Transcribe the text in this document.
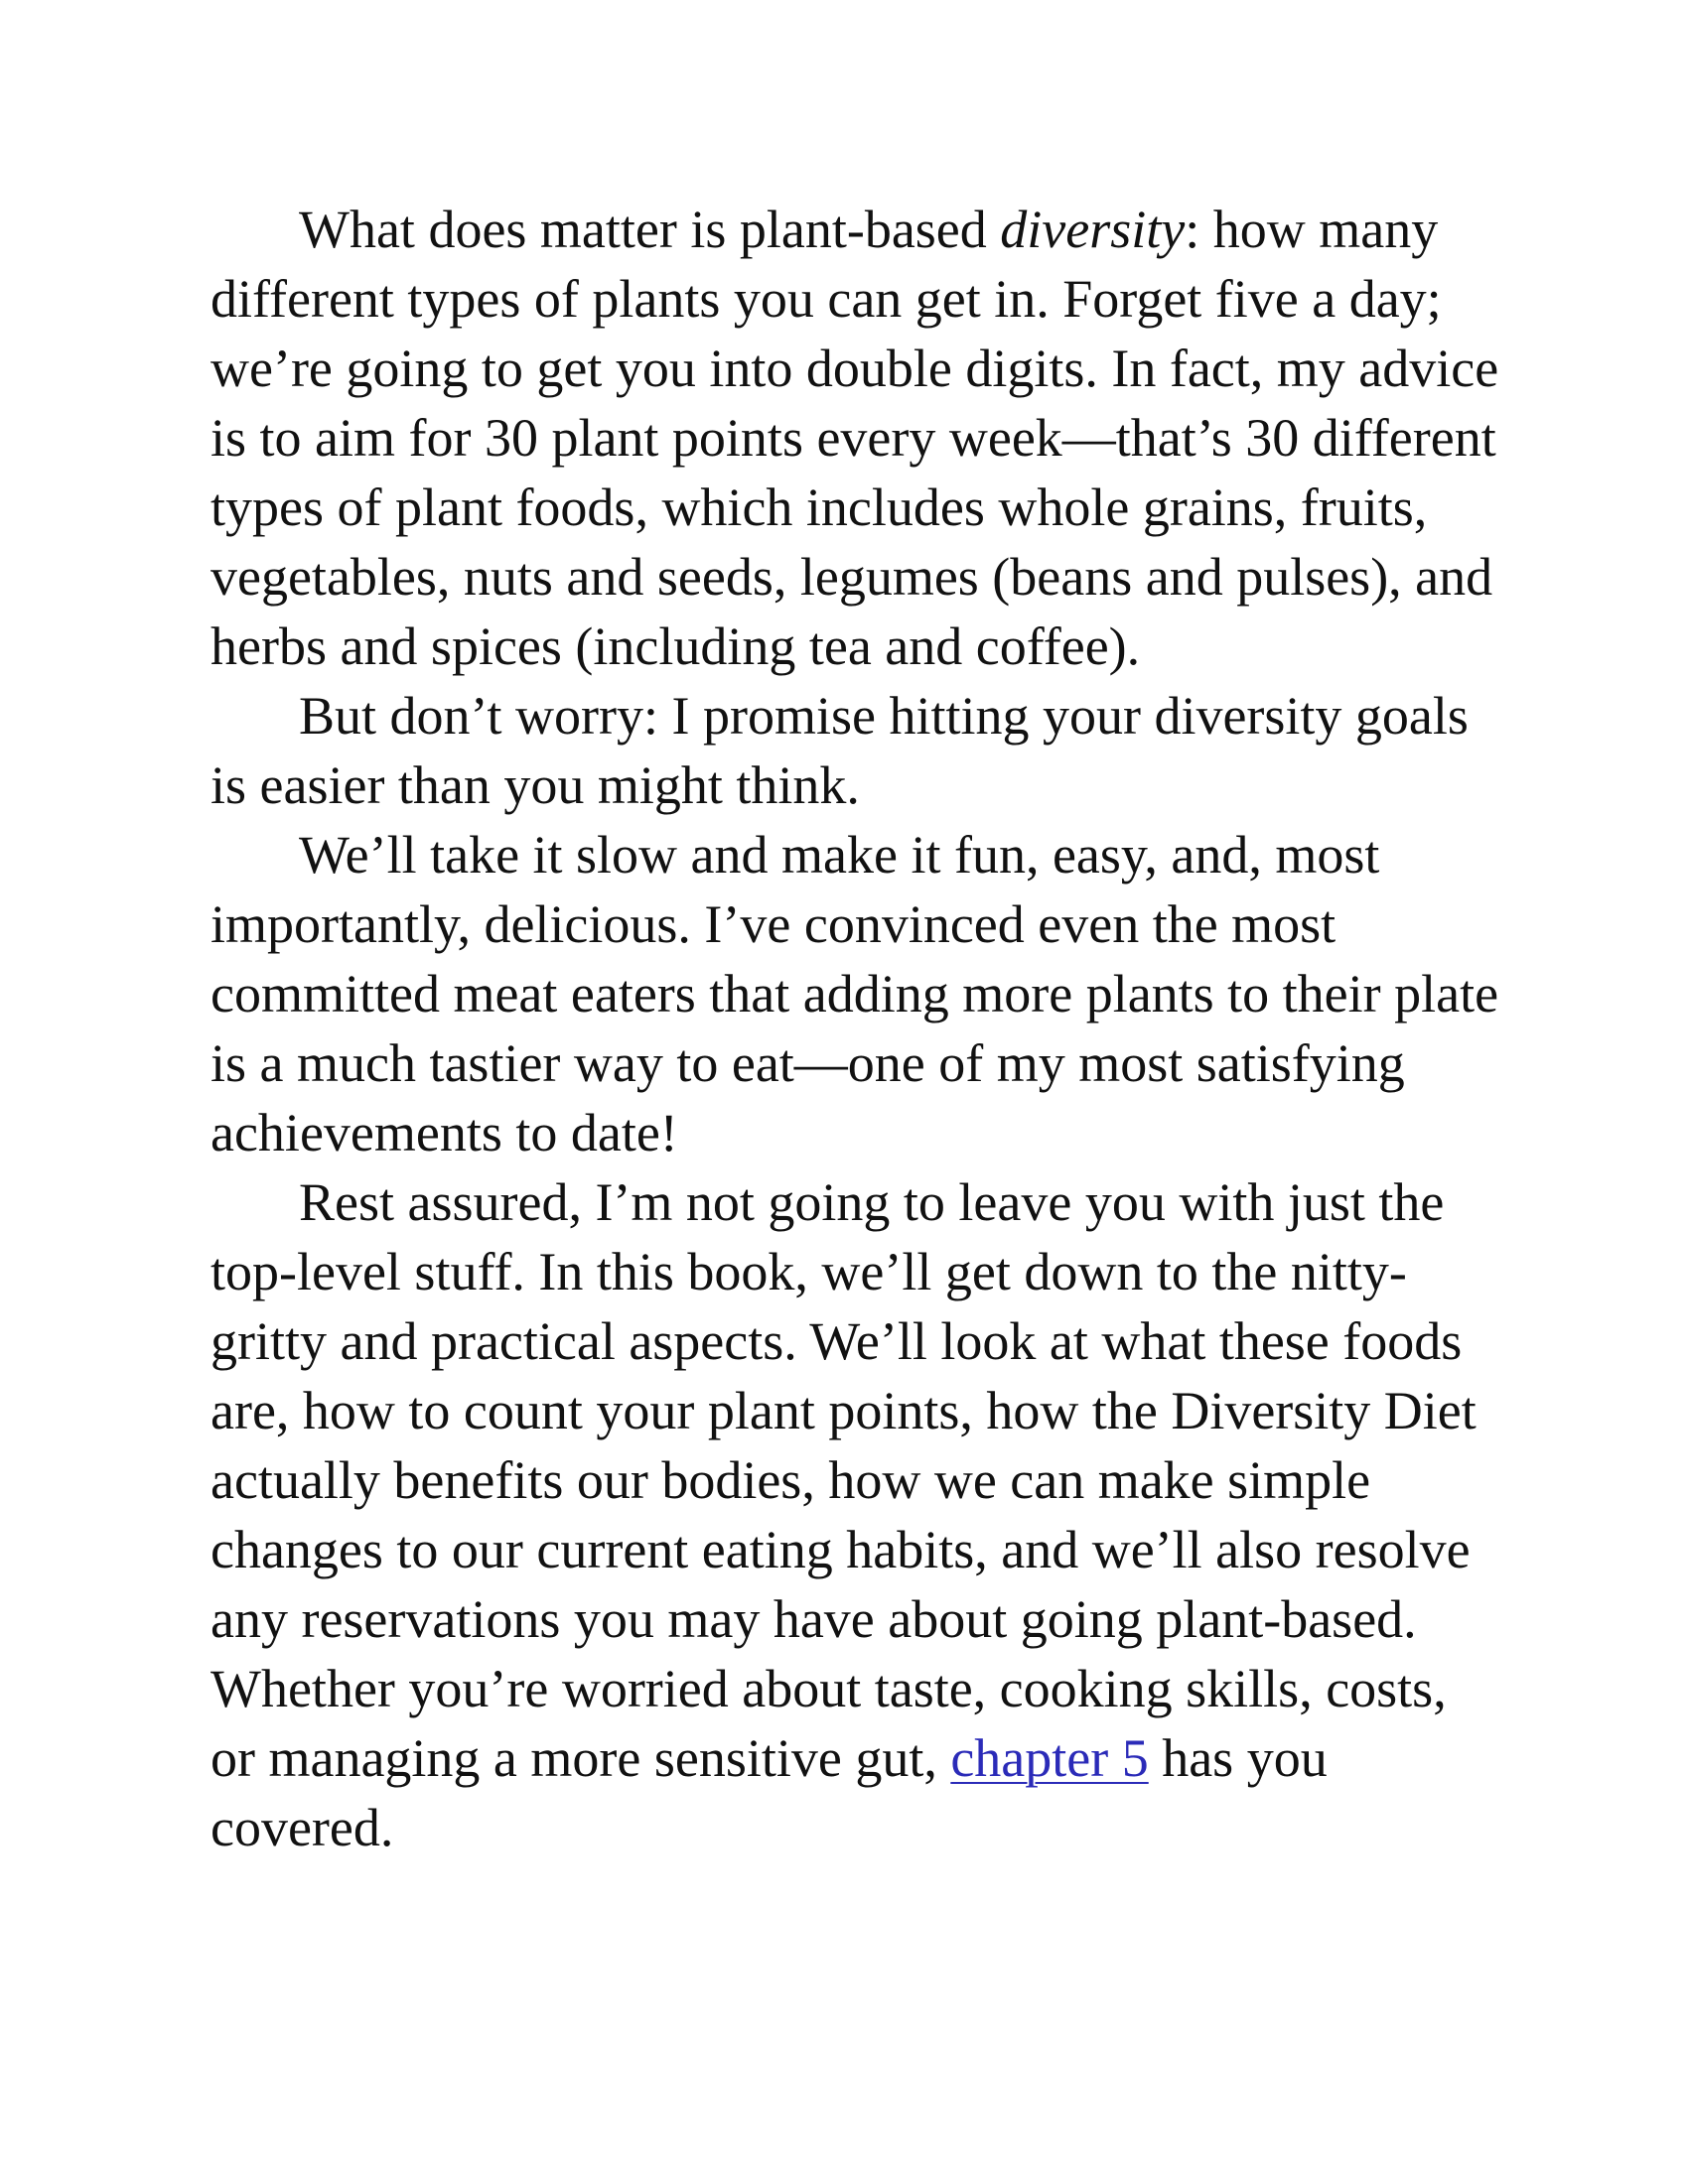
What does matter is plant-based diversity: how many different types of plants you can get in. Forget five a day; we’re going to get you into double digits. In fact, my advice is to aim for 30 plant points every week—that’s 30 different types of plant foods, which includes whole grains, fruits, vegetables, nuts and seeds, legumes (beans and pulses), and herbs and spices (including tea and coffee).

But don’t worry: I promise hitting your diversity goals is easier than you might think.

We’ll take it slow and make it fun, easy, and, most importantly, delicious. I’ve convinced even the most committed meat eaters that adding more plants to their plate is a much tastier way to eat—one of my most satisfying achievements to date!

Rest assured, I’m not going to leave you with just the top-level stuff. In this book, we’ll get down to the nitty-gritty and practical aspects. We’ll look at what these foods are, how to count your plant points, how the Diversity Diet actually benefits our bodies, how we can make simple changes to our current eating habits, and we’ll also resolve any reservations you may have about going plant-based. Whether you’re worried about taste, cooking skills, costs, or managing a more sensitive gut, chapter 5 has you covered.
